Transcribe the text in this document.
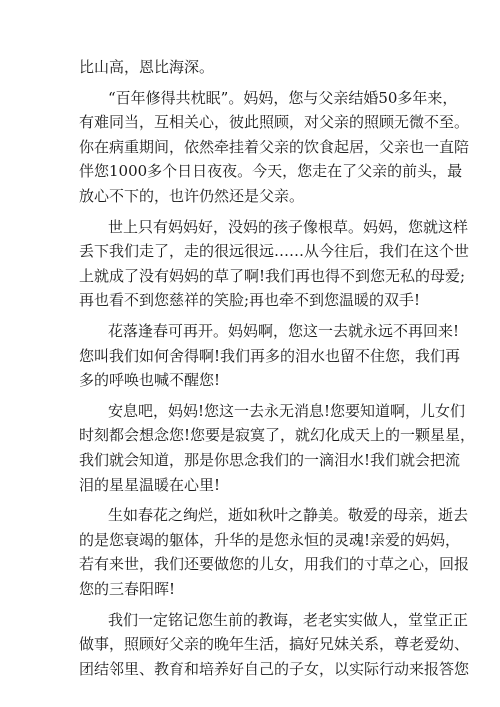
比山高，恩比海深。
“百年修得共枕眠”。妈妈，您与父亲结婚50多年来，
有难同当，互相关心，彼此照顾，对父亲的照顾无微不至。
你在病重期间，依然牵挂着父亲的饮食起居，父亲也一直陪
伴您1000多个日日夜夜。今天，您走在了父亲的前头，最
放心不下的，也许仍然还是父亲。
世上只有妈妈好，没妈的孩子像根草。妈妈，您就这样
丢下我们走了，走的很远很远……从今往后，我们在这个世
上就成了没有妈妈的草了啊!我们再也得不到您无私的母爱;
再也看不到您慈祥的笑脸;再也牵不到您温暖的双手!
花落逢春可再开。妈妈啊，您这一去就永远不再回来!
您叫我们如何舍得啊!我们再多的泪水也留不住您，我们再
多的呼唤也喊不醒您!
安息吧，妈妈!您这一去永无消息!您要知道啊，儿女们
时刻都会想念您!您要是寂寞了，就幻化成天上的一颗星星，
我们就会知道，那是你思念我们的一滴泪水!我们就会把流
泪的星星温暖在心里!
生如春花之绚烂，逝如秋叶之静美。敬爱的母亲，逝去
的是您衰竭的躯体，升华的是您永恒的灵魂!亲爱的妈妈，
若有来世，我们还要做您的儿女，用我们的寸草之心，回报
您的三春阳晖!
我们一定铭记您生前的教诲，老老实实做人，堂堂正正
做事，照顾好父亲的晚年生活，搞好兄妹关系，尊老爱幼、
团结邻里、教育和培养好自己的子女，以实际行动来报答您
